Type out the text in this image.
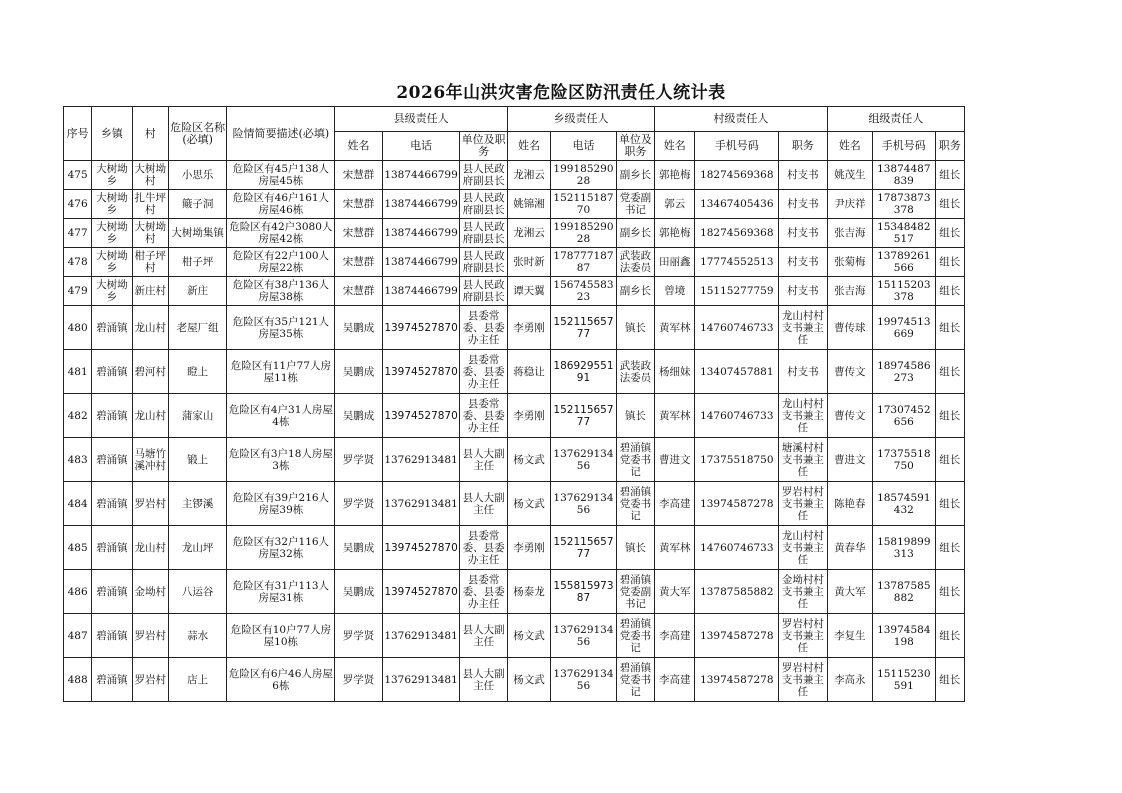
2026年山洪灾害危险区防汛责任人统计表
序号	乡镇	村	危险区名称(必填)	险情简要描述(必填)	县级责任人			乡级责任人			村级责任人			组级责任人		
					姓名	电话	单位及职务	姓名	电话	单位及职务	姓名	手机号码	职务	姓名	手机号码	职务
475	大树坳乡	大树坳村	小思乐	危险区有45户138人房屋45栋	宋慧群	13874466799	县人民政府副县长	龙湘云	19918529028	副乡长	郭艳梅	18274569368	村支书	姚茂生	13874487839	组长
476	大树坳乡	扎牛坪村	簸子洞	危险区有46户161人房屋46栋	宋慧群	13874466799	县人民政府副县长	姚锦湘	15211518770	党委副书记	郭云	13467405436	村支书	尹庆祥	17873873378	组长
477	大树坳乡	大树坳村	大树坳集镇	危险区有42户3080人房屋42栋	宋慧群	13874466799	县人民政府副县长	龙湘云	19918529028	副乡长	郭艳梅	18274569368	村支书	张吉海	15348482517	组长
478	大树坳乡	柑子坪村	柑子坪	危险区有22户100人房屋22栋	宋慧群	13874466799	县人民政府副县长	张时新	17877718787	武装政法委员	田丽鑫	17774552513	村支书	张菊梅	13789261566	组长
479	大树坳乡	新庄村	新庄	危险区有38户136人房屋38栋	宋慧群	13874466799	县人民政府副县长	谭天翼	15674558323	副乡长	曾境	15115277759	村支书	张吉海	15115203378	组长
480	碧涌镇	龙山村	老屋厂组	危险区有35户121人房屋35栋	吴鹏成	13974527870	县委常委、县委办主任	李勇刚	15211565777	镇长	黄军林	14760746733	龙山村村支书兼主任	曹传球	19974513669	组长
481	碧涌镇	碧河村	瞪上	危险区有11户77人房屋11栋	吴鹏成	13974527870	县委常委、县委办主任	蒋稳让	18692955191	武装政法委员	杨细妹	13407457881	村支书	曹传文	18974586273	组长
482	碧涌镇	龙山村	蒲家山	危险区有4户31人房屋4栋	吴鹏成	13974527870	县委常委、县委办主任	李勇刚	15211565777	镇长	黄军林	14760746733	龙山村村支书兼主任	曹传文	17307452656	组长
483	碧涌镇	马塘竹溪冲村	锻上	危险区有3户18人房屋3栋	罗学贤	13762913481	县人大副主任	杨文武	13762913456	碧涌镇党委书记	曹进文	17375518750	塘溪村村支书兼主任	曹进文	17375518750	组长
484	碧涌镇	罗岩村	主锣溪	危险区有39户216人房屋39栋	罗学贤	13762913481	县人大副主任	杨文武	13762913456	碧涌镇党委书记	李高建	13974587278	罗岩村村支书兼主任	陈艳春	18574591432	组长
485	碧涌镇	龙山村	龙山坪	危险区有32户116人房屋32栋	吴鹏成	13974527870	县委常委、县委办主任	李勇刚	15211565777	镇长	黄军林	14760746733	龙山村村支书兼主任	黄春华	15819899313	组长
486	碧涌镇	金坳村	八运谷	危险区有31户113人房屋31栋	吴鹏成	13974527870	县委常委、县委办主任	杨泰龙	15581597387	碧涌镇党委副书记	黄大军	13787585882	金坳村村支书兼主任	黄大军	13787585882	组长
487	碧涌镇	罗岩村	蒜水	危险区有10户77人房屋10栋	罗学贤	13762913481	县人大副主任	杨文武	13762913456	碧涌镇党委书记	李高建	13974587278	罗岩村村支书兼主任	李复生	13974584198	组长
488	碧涌镇	罗岩村	店上	危险区有6户46人房屋6栋	罗学贤	13762913481	县人大副主任	杨文武	13762913456	碧涌镇党委书记	李高建	13974587278	罗岩村村支书兼主任	李高永	15115230591	组长
